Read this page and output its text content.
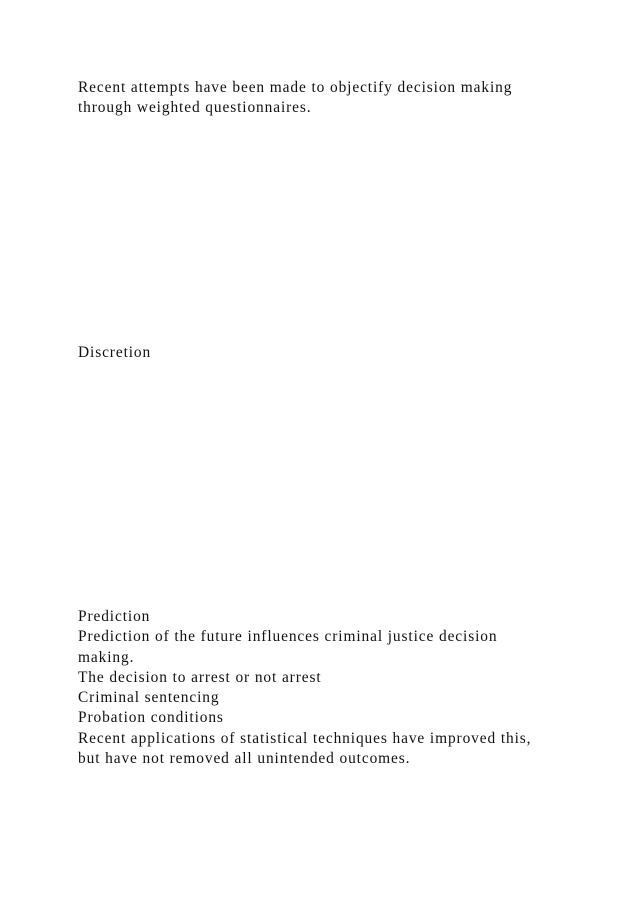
Recent attempts have been made to objectify decision making
through weighted questionnaires.
Discretion
Prediction
Prediction of the future influences criminal justice decision
making.
The decision to arrest or not arrest
Criminal sentencing
Probation conditions
Recent applications of statistical techniques have improved this,
but have not removed all unintended outcomes.
